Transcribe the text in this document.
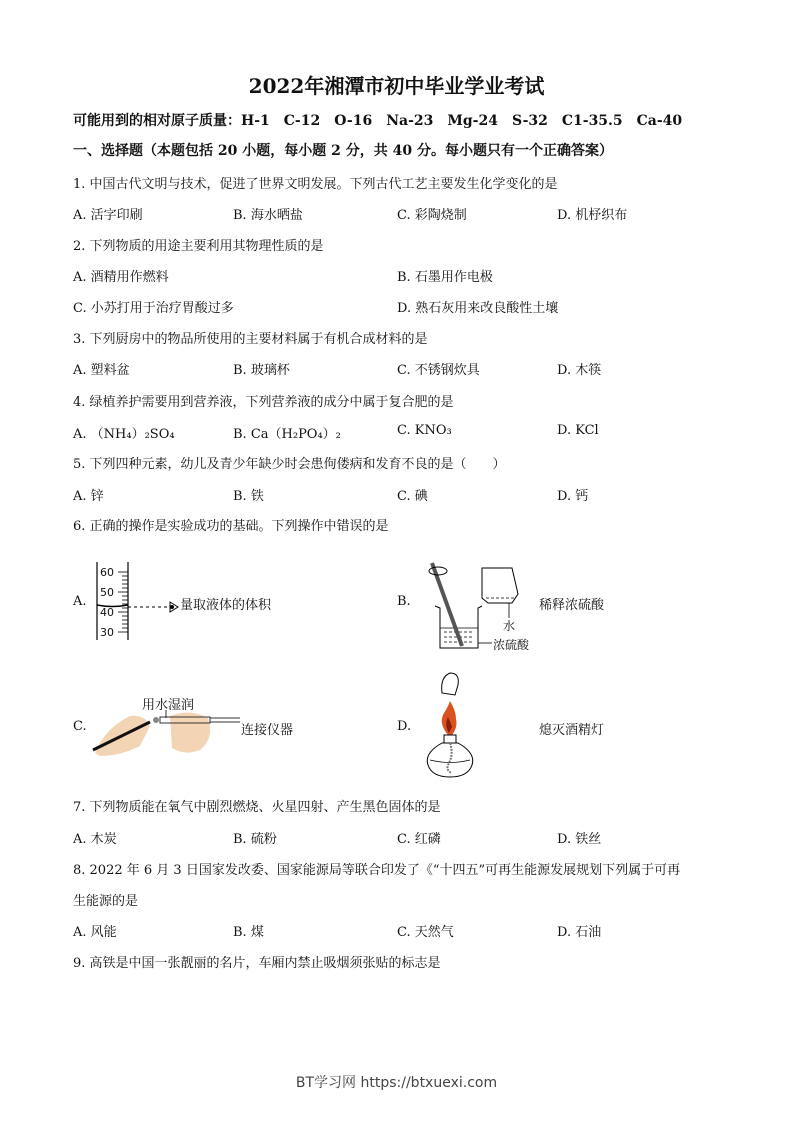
2022年湘潭市初中毕业学业考试
可能用到的相对原子质量：H-1　C-12　O-16　Na-23　Mg-24　S-32　C1-35.5　Ca-40
一、选择题（本题包括 20 小题，每小题 2 分，共 40 分。每小题只有一个正确答案）
1. 中国古代文明与技术，促进了世界文明发展。下列古代工艺主要发生化学变化的是
A. 活字印刷	B. 海水晒盐	C. 彩陶烧制	D. 机杼织布
2. 下列物质的用途主要利用其物理性质的是
A. 酒精用作燃料	B. 石墨用作电极
C. 小苏打用于治疗胃酸过多	D. 熟石灰用来改良酸性土壤
3. 下列厨房中的物品所使用的主要材料属于有机合成材料的是
A. 塑料盆	B. 玻璃杯	C. 不锈钢炊具	D. 木筷
4. 绿植养护需要用到营养液，下列营养液的成分中属于复合肥的是
A. （NH₄）₂SO₄	B. Ca（H₂PO₄）₂	C. KNO₃	D. KCl
5. 下列四种元素，幼儿及青少年缺少时会患佝偻病和发育不良的是（　　）
A. 锌	B. 铁	C. 碘	D. 钙
6. 正确的操作是实验成功的基础。下列操作中错误的是
A.
60
50
40
30
量取液体的体积	B.
水
浓硫酸
稀释浓硫酸
C.
用水湿润
连接仪器	D.	熄灭酒精灯
7. 下列物质能在氧气中剧烈燃烧、火星四射、产生黑色固体的是
A. 木炭	B. 硫粉	C. 红磷	D. 铁丝
8. 2022 年 6 月 3 日国家发改委、国家能源局等联合印发了《“十四五”可再生能源发展规划下列属于可再
生能源的是
A. 风能	B. 煤	C. 天然气	D. 石油
9. 高铁是中国一张靓丽的名片，车厢内禁止吸烟须张贴的标志是
BT学习网 https://btxuexi.com
